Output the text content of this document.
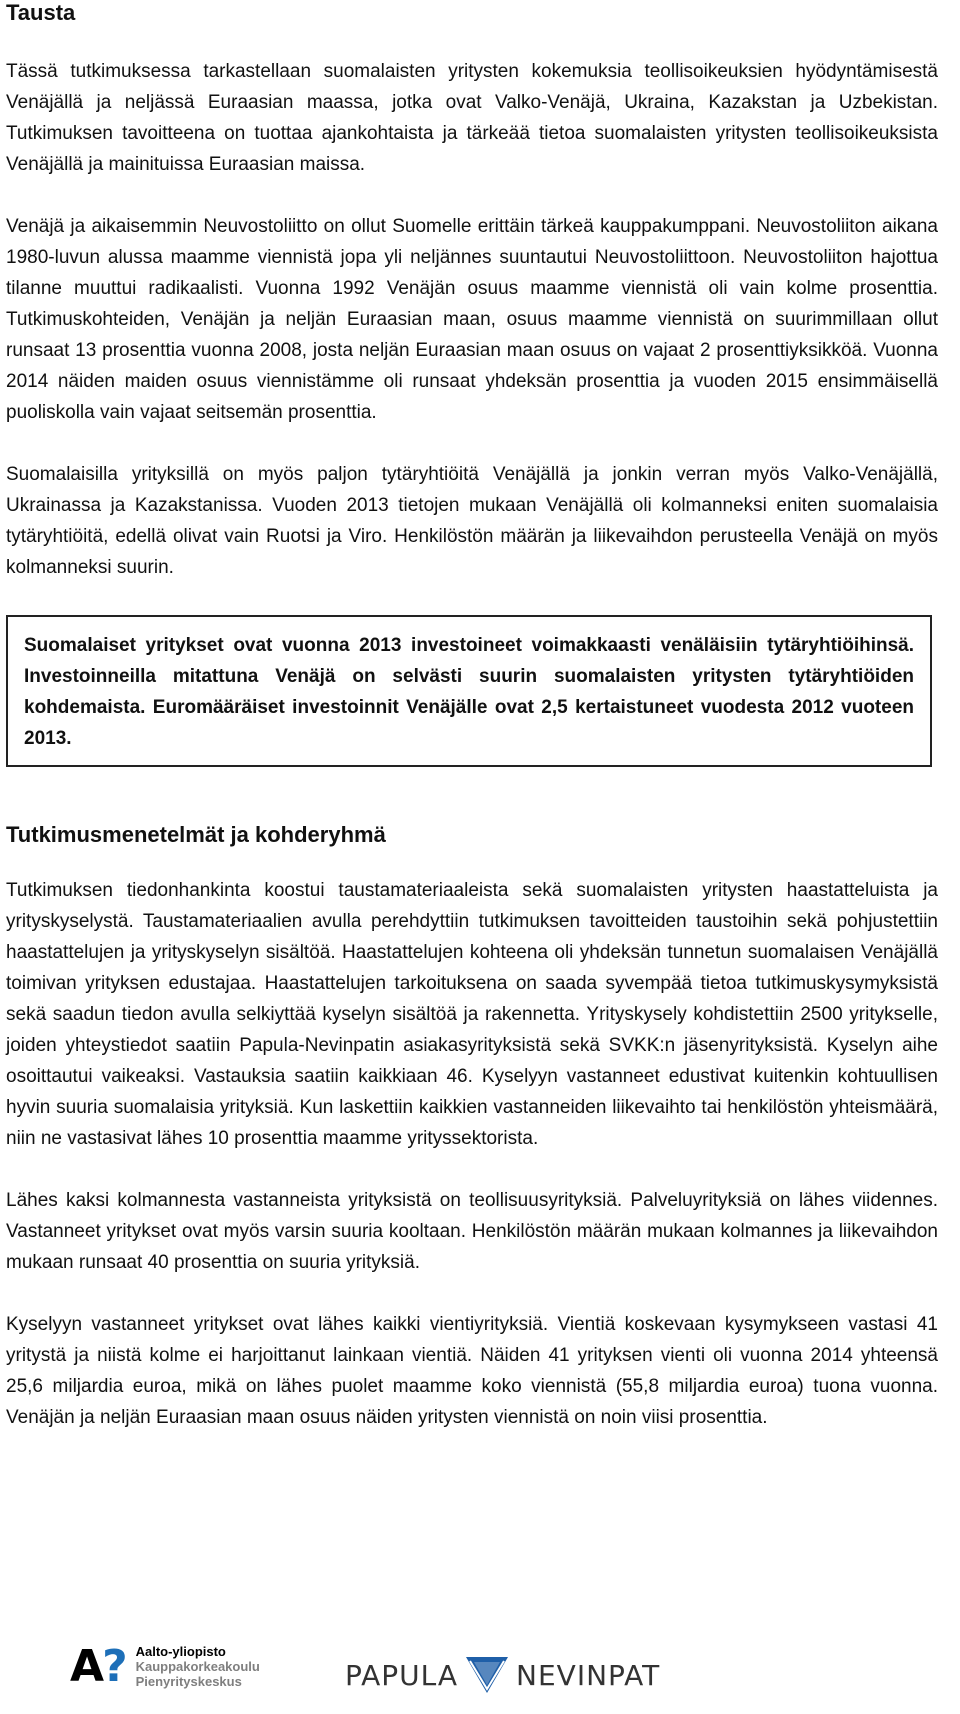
Tausta

Tässä tutkimuksessa tarkastellaan suomalaisten yritysten kokemuksia teollisoikeuksien hyödyntämisestä Venäjällä ja neljässä Euraasian maassa, jotka ovat Valko-Venäjä, Ukraina, Kazakstan ja Uzbekistan. Tutkimuksen tavoitteena on tuottaa ajankohtaista ja tärkeää tietoa suomalaisten yritysten teollisoikeuksista Venäjällä ja mainituissa Euraasian maissa.

Venäjä ja aikaisemmin Neuvostoliitto on ollut Suomelle erittäin tärkeä kauppakumppani. Neuvostoliiton aikana 1980-luvun alussa maamme viennistä jopa yli neljännes suuntautui Neuvostoliittoon. Neuvostoliiton hajottua tilanne muuttui radikaalisti. Vuonna 1992 Venäjän osuus maamme viennistä oli vain kolme prosenttia. Tutkimuskohteiden, Venäjän ja neljän Euraasian maan, osuus maamme viennistä on suurimmillaan ollut runsaat 13 prosenttia vuonna 2008, josta neljän Euraasian maan osuus on vajaat 2 prosenttiyksikköä. Vuonna 2014 näiden maiden osuus viennistämme oli runsaat yhdeksän prosenttia ja vuoden 2015 ensimmäisellä puoliskolla vain vajaat seitsemän prosenttia.

Suomalaisilla yrityksillä on myös paljon tytäryhtiöitä Venäjällä ja jonkin verran myös Valko-Venäjällä, Ukrainassa ja Kazakstanissa. Vuoden 2013 tietojen mukaan Venäjällä oli kolmanneksi eniten suomalaisia tytäryhtiöitä, edellä olivat vain Ruotsi ja Viro. Henkilöstön määrän ja liikevaihdon perusteella Venäjä on myös kolmanneksi suurin.

Suomalaiset yritykset ovat vuonna 2013 investoineet voimakkaasti venäläisiin tytäryhtiöihinsä. Investoinneilla mitattuna Venäjä on selvästi suurin suomalaisten yritysten tytäryhtiöiden kohdemaista. Euromääräiset investoinnit Venäjälle ovat 2,5 kertaistuneet vuodesta 2012 vuoteen 2013.

Tutkimusmenetelmät ja kohderyhmä

Tutkimuksen tiedonhankinta koostui taustamateriaaleista sekä suomalaisten yritysten haastatteluista ja yrityskyselystä. Taustamateriaalien avulla perehdyttiin tutkimuksen tavoitteiden taustoihin sekä pohjustettiin haastattelujen ja yrityskyselyn sisältöä. Haastattelujen kohteena oli yhdeksän tunnetun suomalaisen Venäjällä toimivan yrityksen edustajaa. Haastattelujen tarkoituksena on saada syvempää tietoa tutkimuskysymyksistä sekä saadun tiedon avulla selkiyttää kyselyn sisältöä ja rakennetta. Yrityskysely kohdistettiin 2500 yritykselle, joiden yhteystiedot saatiin Papula-Nevinpatin asiakasyrityksistä sekä SVKK:n jäsenyrityksistä. Kyselyn aihe osoittautui vaikeaksi. Vastauksia saatiin kaikkiaan 46. Kyselyyn vastanneet edustivat kuitenkin kohtuullisen hyvin suuria suomalaisia yrityksiä. Kun laskettiin kaikkien vastanneiden liikevaihto tai henkilöstön yhteismäärä, niin ne vastasivat lähes 10 prosenttia maamme yrityssektorista.

Lähes kaksi kolmannesta vastanneista yrityksistä on teollisuusyrityksiä. Palveluyrityksiä on lähes viidennes. Vastanneet yritykset ovat myös varsin suuria kooltaan. Henkilöstön määrän mukaan kolmannes ja liikevaihdon mukaan runsaat 40 prosenttia on suuria yrityksiä.

Kyselyyn vastanneet yritykset ovat lähes kaikki vientiyrityksiä. Vientiä koskevaan kysymykseen vastasi 41 yritystä ja niistä kolme ei harjoittanut lainkaan vientiä. Näiden 41 yrityksen vienti oli vuonna 2014 yhteensä 25,6 miljardia euroa, mikä on lähes puolet maamme koko viennistä (55,8 miljardia euroa) tuona vuonna. Venäjän ja neljän Euraasian maan osuus näiden yritysten viennistä on noin viisi prosenttia.

A? Aalto-yliopisto
Kauppakorkeakoulu
Pienyrityskeskus	PAPULA NEVINPAT
